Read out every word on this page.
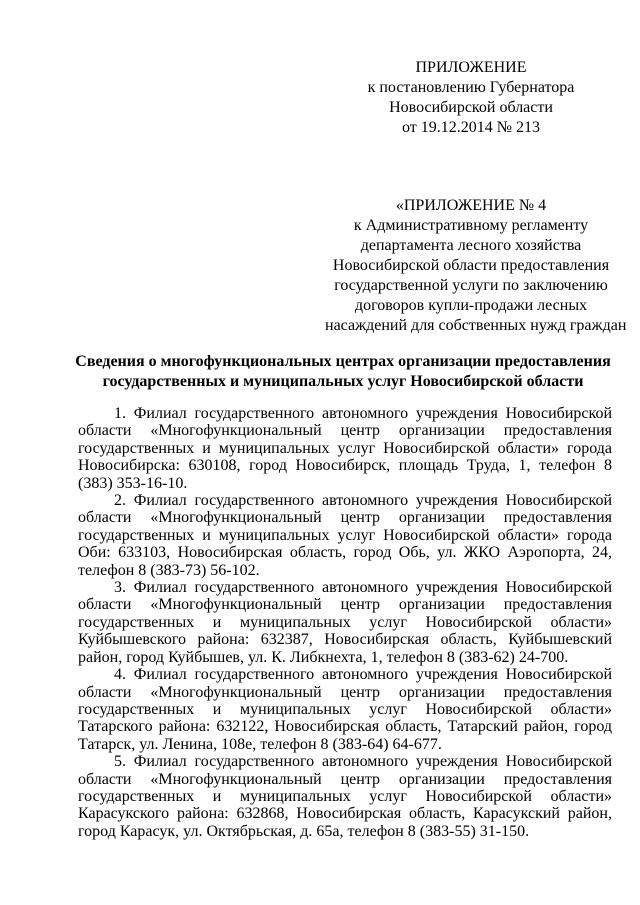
ПРИЛОЖЕНИЕ
к постановлению Губернатора
Новосибирской области
от 19.12.2014 № 213
«ПРИЛОЖЕНИЕ № 4
к Административному регламенту
департамента лесного хозяйства
Новосибирской области предоставления
государственной услуги по заключению
договоров купли-продажи лесных
насаждений для собственных нужд граждан
Сведения о многофункциональных центрах организации предоставления
государственных и муниципальных услуг Новосибирской области

1. Филиал государственного автономного учреждения Новосибирской области «Многофункциональный центр организации предоставления государственных и муниципальных услуг Новосибирской области» города Новосибирска: 630108, город Новосибирск, площадь Труда, 1, телефон 8 (383) 353-16-10.

2. Филиал государственного автономного учреждения Новосибирской области «Многофункциональный центр организации предоставления государственных и муниципальных услуг Новосибирской области» города Оби: 633103, Новосибирская область, город Обь, ул. ЖКО Аэропорта, 24, телефон 8 (383-73) 56-102.

3. Филиал государственного автономного учреждения Новосибирской области «Многофункциональный центр организации предоставления государственных и муниципальных услуг Новосибирской области» Куйбышевского района: 632387, Новосибирская область, Куйбышевский район, город Куйбышев, ул. К. Либкнехта, 1, телефон 8 (383-62) 24-700.

4. Филиал государственного автономного учреждения Новосибирской области «Многофункциональный центр организации предоставления государственных и муниципальных услуг Новосибирской области» Татарского района: 632122, Новосибирская область, Татарский район, город Татарск, ул. Ленина, 108е, телефон 8 (383-64) 64-677.

5. Филиал государственного автономного учреждения Новосибирской области «Многофункциональный центр организации предоставления государственных и муниципальных услуг Новосибирской области» Карасукского района: 632868, Новосибирская область, Карасукский район, город Карасук, ул. Октябрьская, д. 65а, телефон 8 (383-55) 31-150.
